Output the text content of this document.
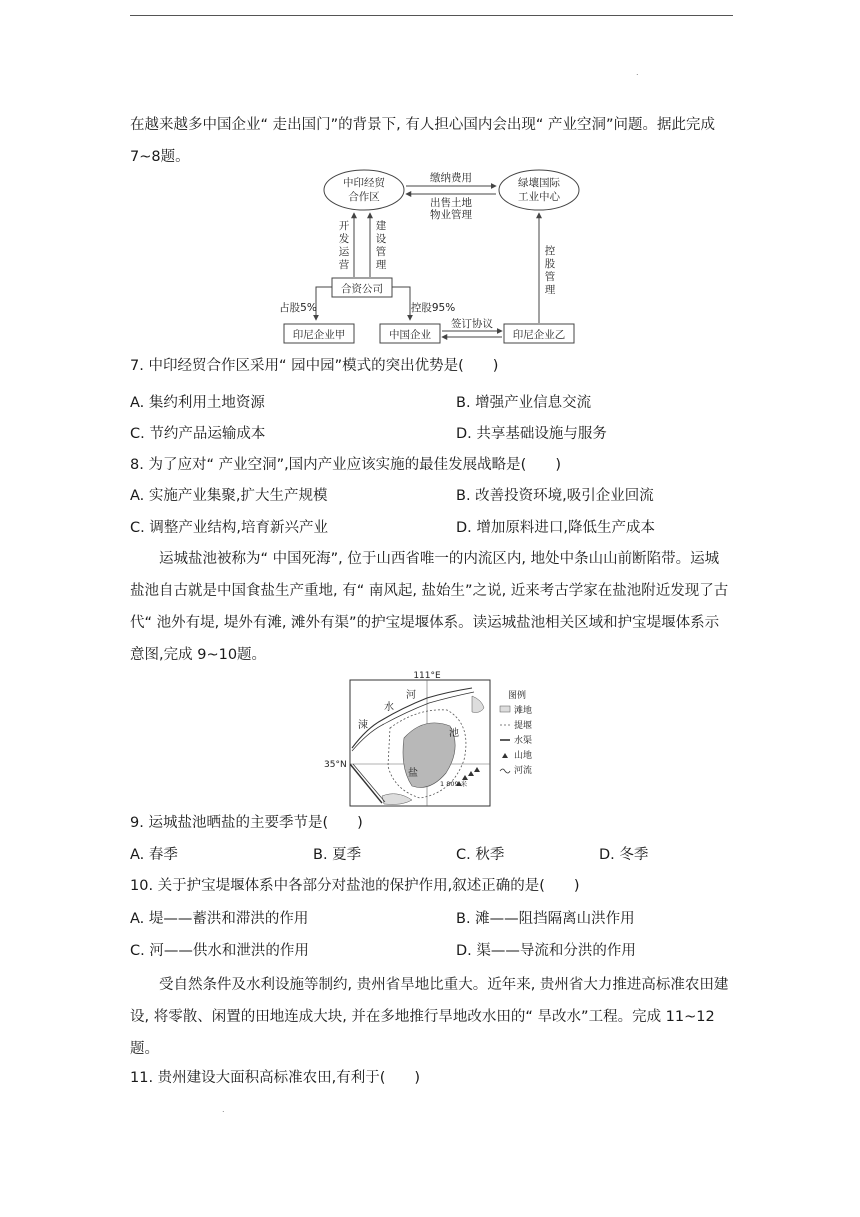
.

在越来越多中国企业“ 走出国门”的背景下, 有人担心国内会出现“ 产业空洞”问题。据此完成 7~8题。

中印经贸
合作区
绿壤国际
工业中心
缴纳费用
出售土地
物业管理
开
发
运
营
建
设
管
理
控
股
管
理
合资公司
占股5%	控股95%
印尼企业甲	中国企业
签订协议
印尼企业乙
7. 中印经贸合作区采用“ 园中园”模式的突出优势是(　　)
A. 集约利用土地资源	B. 增强产业信息交流
C. 节约产品运输成本	D. 共享基础设施与服务
8. 为了应对“ 产业空洞”,国内产业应该实施的最佳发展战略是(　　)
A. 实施产业集聚,扩大生产规模	B. 改善投资环境,吸引企业回流
C. 调整产业结构,培育新兴产业	D. 增加原料进口,降低生产成本

运城盐池被称为“ 中国死海”, 位于山西省唯一的内流区内, 地处中条山山前断陷带。运城盐池自古就是中国食盐生产重地, 有“ 南风起, 盐始生”之说, 近来考古学家在盐池附近发现了古代“ 池外有堤, 堤外有滩, 滩外有渠”的护宝堤堰体系。读运城盐池相关区域和护宝堤堰体系示意图,完成 9~10题。

111°E
35°N
河
水
涑
池
盐
1 809 米
图例
滩地
提堰
水渠
山地
河流
9. 运城盐池晒盐的主要季节是(　　)
A. 春季	B. 夏季	C. 秋季	D. 冬季
10. 关于护宝堤堰体系中各部分对盐池的保护作用,叙述正确的是(　　)
A. 堤——蓄洪和滞洪的作用	B. 滩——阻挡隔离山洪作用
C. 河——供水和泄洪的作用	D. 渠——导流和分洪的作用

受自然条件及水利设施等制约, 贵州省旱地比重大。近年来, 贵州省大力推进高标准农田建设, 将零散、闲置的田地连成大块, 并在多地推行旱地改水田的“ 旱改水”工程。完成 11~12题。

11. 贵州建设大面积高标准农田,有利于(　　)
.
